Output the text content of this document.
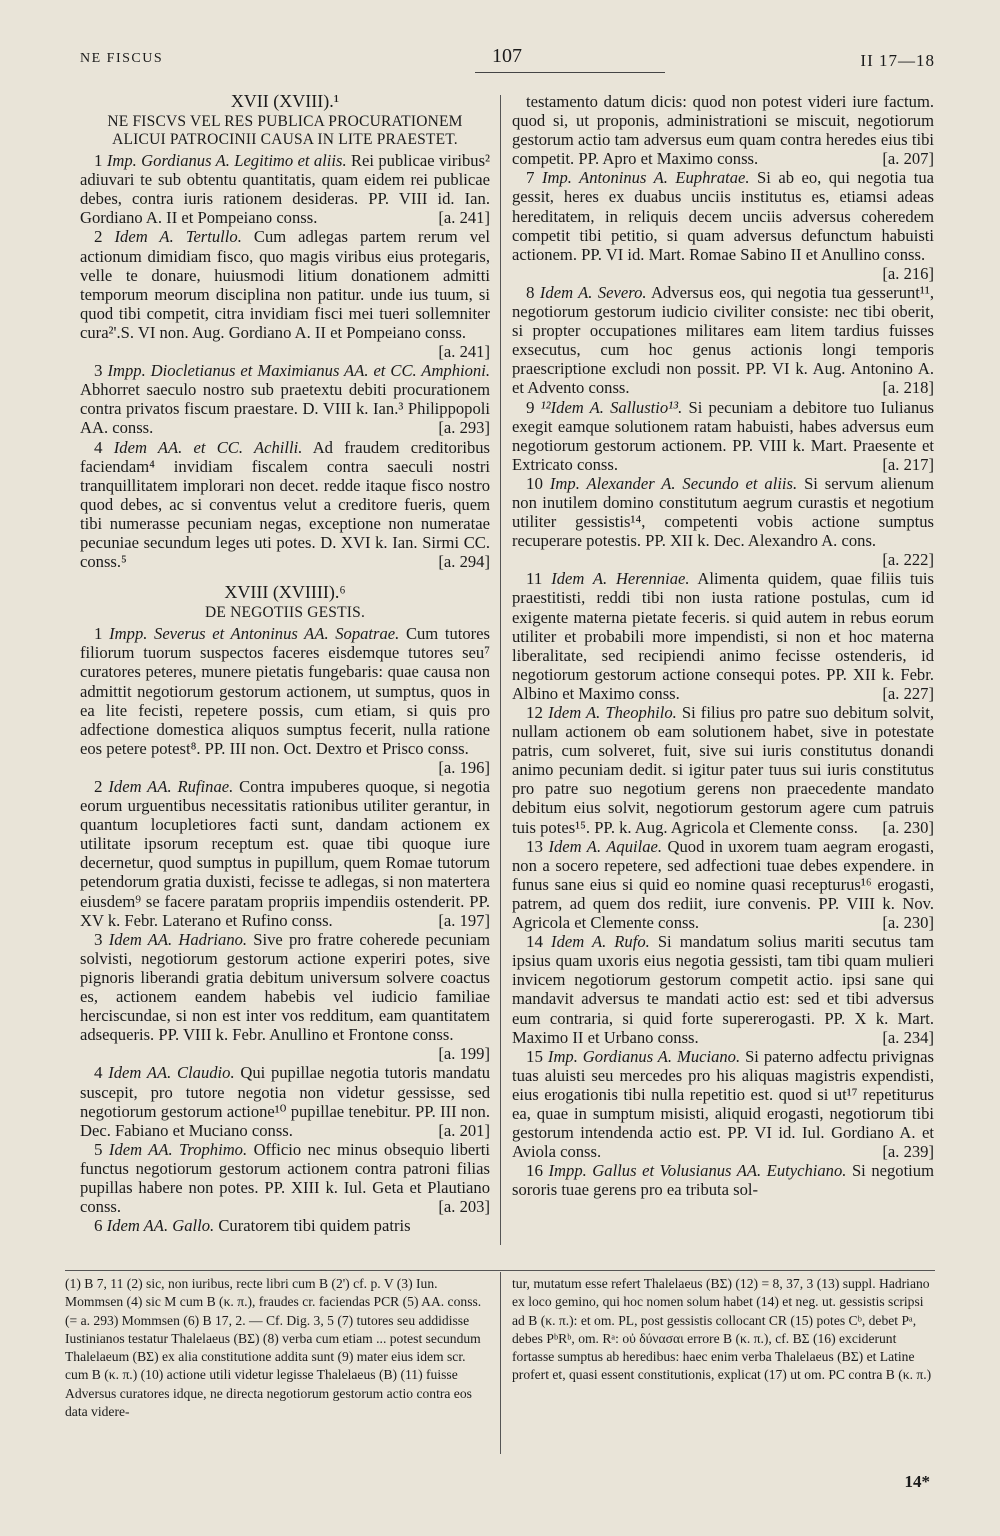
NE FISCUS	107	II 17—18
XVII (XVIII).¹
NE FISCVS VEL RES PUBLICA PROCURATIONEM ALICUI PATROCINII CAUSA IN LITE PRAESTET.
1 Imp. Gordianus A. Legitimo et aliis. Rei publicae viribus² adiuvari te sub obtentu quantitatis, quam eidem rei publicae debes, contra iuris rationem desideras. PP. VIII id. Ian. Gordiano A. II et Pompeiano conss.	[a. 241]
2 Idem A. Tertullo. Cum adlegas partem rerum vel actionum dimidiam fisco, quo magis viribus eius protegaris, velle te donare, huiusmodi litium donationem admitti temporum meorum disciplina non patitur. unde ius tuum, si quod tibi competit, citra invidiam fisci mei tueri sollemniter cura²'.S. VI non. Aug. Gordiano A. II et Pompeiano conss.
[a. 241]
3 Impp. Diocletianus et Maximianus AA. et CC. Amphioni. Abhorret saeculo nostro sub praetextu debiti procurationem contra privatos fiscum praestare. D. VIII k. Ian.³ Philippopoli AA. conss.	[a. 293]
4 Idem AA. et CC. Achilli. Ad fraudem creditoribus faciendam⁴ invidiam fiscalem contra saeculi nostri tranquillitatem implorari non decet. redde itaque fisco nostro quod debes, ac si conventus velut a creditore fueris, quem tibi numerasse pecuniam negas, exceptione non numeratae pecuniae secundum leges uti potes. D. XVI k. Ian. Sirmi CC. conss.⁵	[a. 294]
XVIII (XVIIII).⁶
DE NEGOTIIS GESTIS.
1 Impp. Severus et Antoninus AA. Sopatrae. Cum tutores filiorum tuorum suspectos faceres eisdemque tutores seu⁷ curatores peteres, munere pietatis fungebaris: quae causa non admittit negotiorum gestorum actionem, ut sumptus, quos in ea lite fecisti, repetere possis, cum etiam, si quis pro adfectione domestica aliquos sumptus fecerit, nulla ratione eos petere potest⁸. PP. III non. Oct. Dextro et Prisco conss.
[a. 196]
2 Idem AA. Rufinae. Contra impuberes quoque, si negotia eorum urguentibus necessitatis rationibus utiliter gerantur, in quantum locupletiores facti sunt, dandam actionem ex utilitate ipsorum receptum est. quae tibi quoque iure decernetur, quod sumptus in pupillum, quem Romae tutorum petendorum gratia duxisti, fecisse te adlegas, si non matertera eiusdem⁹ se facere paratam propriis impendiis ostenderit. PP. XV k. Febr. Laterano et Rufino conss.	[a. 197]
3 Idem AA. Hadriano. Sive pro fratre coherede pecuniam solvisti, negotiorum gestorum actione experiri potes, sive pignoris liberandi gratia debitum universum solvere coactus es, actionem eandem habebis vel iudicio familiae herciscundae, si non est inter vos redditum, eam quantitatem adsequeris. PP. VIII k. Febr. Anullino et Frontone conss.
[a. 199]
4 Idem AA. Claudio. Qui pupillae negotia tutoris mandatu suscepit, pro tutore negotia non videtur gessisse, sed negotiorum gestorum actione¹⁰ pupillae tenebitur. PP. III non. Dec. Fabiano et Muciano conss.	[a. 201]
5 Idem AA. Trophimo. Officio nec minus obsequio liberti functus negotiorum gestorum actionem contra patroni filias pupillas habere non potes. PP. XIII k. Iul. Geta et Plautiano conss.	[a. 203]
6 Idem AA. Gallo. Curatorem tibi quidem patris
testamento datum dicis: quod non potest videri iure factum. quod si, ut proponis, administrationi se miscuit, negotiorum gestorum actio tam adversus eum quam contra heredes eius tibi competit. PP. Apro et Maximo conss.	[a. 207]
7 Imp. Antoninus A. Euphratae. Si ab eo, qui negotia tua gessit, heres ex duabus unciis institutus es, etiamsi adeas hereditatem, in reliquis decem unciis adversus coheredem competit tibi petitio, si quam adversus defunctum habuisti actionem. PP. VI id. Mart. Romae Sabino II et Anullino conss.
[a. 216]
8 Idem A. Severo. Adversus eos, qui negotia tua gesserunt¹¹, negotiorum gestorum iudicio civiliter consiste: nec tibi oberit, si propter occupationes militares eam litem tardius fuisses exsecutus, cum hoc genus actionis longi temporis praescriptione excludi non possit. PP. VI k. Aug. Antonino A. et Advento conss.	[a. 218]
9 ¹²Idem A. Sallustio¹³. Si pecuniam a debitore tuo Iulianus exegit eamque solutionem ratam habuisti, habes adversus eum negotiorum gestorum actionem. PP. VIII k. Mart. Praesente et Extricato conss.	[a. 217]
10 Imp. Alexander A. Secundo et aliis. Si servum alienum non inutilem domino constitutum aegrum curastis et negotium utiliter gessistis¹⁴, competenti vobis actione sumptus recuperare potestis. PP. XII k. Dec. Alexandro A. cons.
[a. 222]
11 Idem A. Herenniae. Alimenta quidem, quae filiis tuis praestitisti, reddi tibi non iusta ratione postulas, cum id exigente materna pietate feceris. si quid autem in rebus eorum utiliter et probabili more impendisti, si non et hoc materna liberalitate, sed recipiendi animo fecisse ostenderis, id negotiorum gestorum actione consequi potes. PP. XII k. Febr. Albino et Maximo conss.	[a. 227]
12 Idem A. Theophilo. Si filius pro patre suo debitum solvit, nullam actionem ob eam solutionem habet, sive in potestate patris, cum solveret, fuit, sive sui iuris constitutus donandi animo pecuniam dedit. si igitur pater tuus sui iuris constitutus pro patre suo negotium gerens non praecedente mandato debitum eius solvit, negotiorum gestorum agere cum patruis tuis potes¹⁵. PP. k. Aug. Agricola et Clemente conss.	[a. 230]
13 Idem A. Aquilae. Quod in uxorem tuam aegram erogasti, non a socero repetere, sed adfectioni tuae debes expendere. in funus sane eius si quid eo nomine quasi recepturus¹⁶ erogasti, patrem, ad quem dos rediit, iure convenis. PP. VIII k. Nov. Agricola et Clemente conss.	[a. 230]
14 Idem A. Rufo. Si mandatum solius mariti secutus tam ipsius quam uxoris eius negotia gessisti, tam tibi quam mulieri invicem negotiorum gestorum competit actio. ipsi sane qui mandavit adversus te mandati actio est: sed et tibi adversus eum contraria, si quid forte supererogasti. PP. X k. Mart. Maximo II et Urbano conss.	[a. 234]
15 Imp. Gordianus A. Muciano. Si paterno adfectu privignas tuas aluisti seu mercedes pro his aliquas magistris expendisti, eius erogationis tibi nulla repetitio est. quod si ut¹⁷ repetiturus ea, quae in sumptum misisti, aliquid erogasti, negotiorum tibi gestorum intendenda actio est. PP. VI id. Iul. Gordiano A. et Aviola conss.	[a. 239]
16 Impp. Gallus et Volusianus AA. Eutychiano. Si negotium sororis tuae gerens pro ea tributa sol-
(1) B 7, 11 (2) sic, non iuribus, recte libri cum B (2') cf. p. V (3) Iun. Mommsen (4) sic M cum B (κ. π.), fraudes cr. faciendas PCR (5) AA. conss. (= a. 293) Mommsen (6) B 17, 2. — Cf. Dig. 3, 5 (7) tutores seu addidisse Iustinianos testatur Thalelaeus (BΣ) (8) verba cum etiam ... potest secundum Thalelaeum (BΣ) ex alia constitutione addita sunt (9) mater eius idem scr. cum B (κ. π.) (10) actione utili videtur legisse Thalelaeus (B) (11) fuisse Adversus curatores idque, ne directa negotiorum gestorum actio contra eos data videre-
tur, mutatum esse refert Thalelaeus (BΣ) (12) = 8, 37, 3 (13) suppl. Hadriano ex loco gemino, qui hoc nomen solum habet (14) et neg. ut. gessistis scripsi ad B (κ. π.): et om. PL, post gessistis collocant CR (15) potes Cᵇ, debet Pᵃ, debes PᵇRᵇ, om. Rᵃ: οὐ δύνασαι errore B (κ. π.), cf. BΣ (16) exciderunt fortasse sumptus ab heredibus: haec enim verba Thalelaeus (BΣ) et Latine profert et, quasi essent constitutionis, explicat (17) ut om. PC contra B (κ. π.)
14*
